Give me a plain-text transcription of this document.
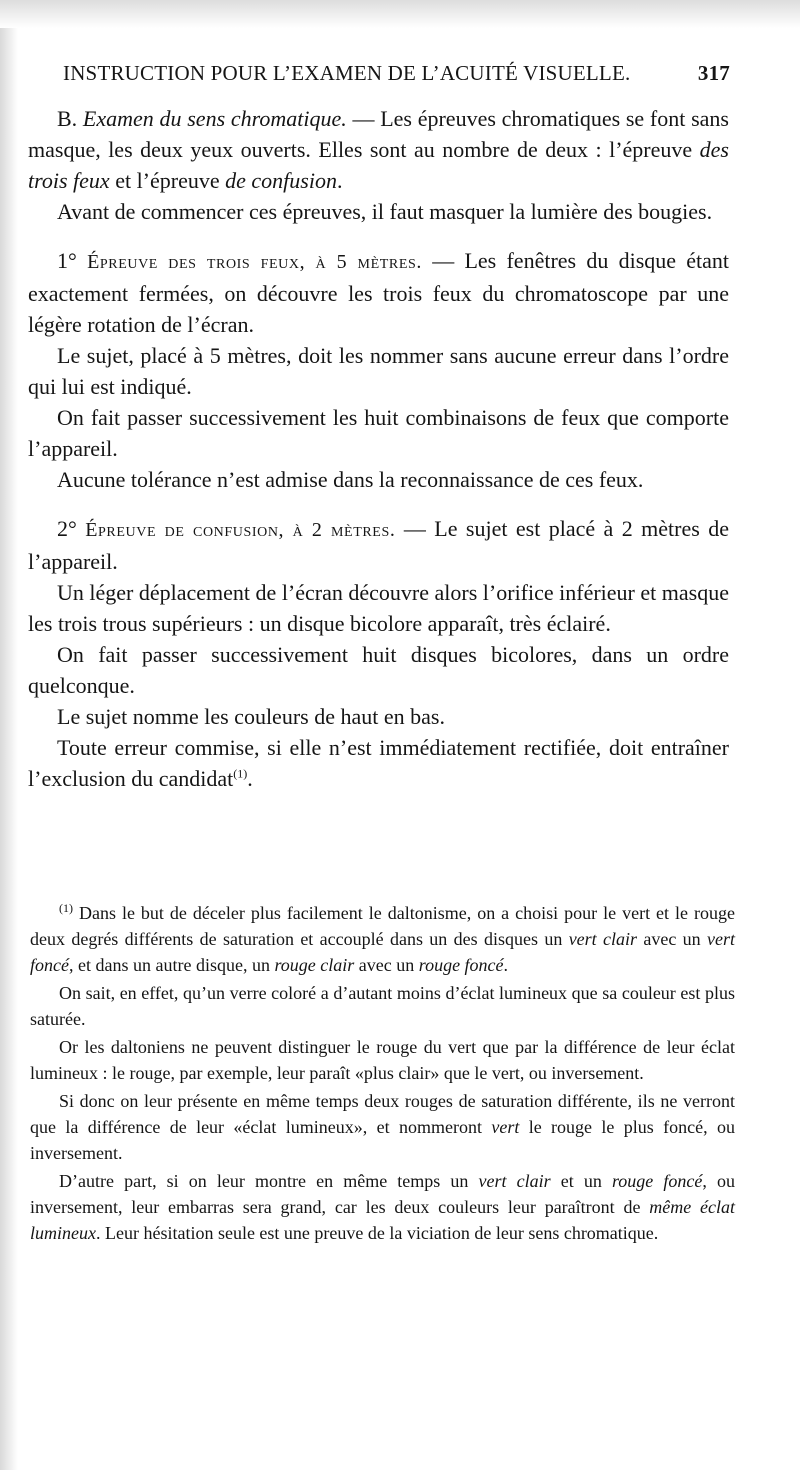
INSTRUCTION POUR L’EXAMEN DE L’ACUITÉ VISUELLE.	317

B. Examen du sens chromatique. — Les épreuves chromatiques se font sans masque, les deux yeux ouverts. Elles sont au nombre de deux : l’épreuve des trois feux et l’épreuve de confusion.

Avant de commencer ces épreuves, il faut masquer la lumière des bougies.

1° Épreuve des trois feux, à 5 mètres. — Les fenêtres du disque étant exactement fermées, on découvre les trois feux du chromatoscope par une légère rotation de l’écran.

Le sujet, placé à 5 mètres, doit les nommer sans aucune erreur dans l’ordre qui lui est indiqué.

On fait passer successivement les huit combinaisons de feux que comporte l’appareil.

Aucune tolérance n’est admise dans la reconnaissance de ces feux.

2° Épreuve de confusion, à 2 mètres. — Le sujet est placé à 2 mètres de l’appareil.

Un léger déplacement de l’écran découvre alors l’orifice inférieur et masque les trois trous supérieurs : un disque bicolore apparaît, très éclairé.

On fait passer successivement huit disques bicolores, dans un ordre quelconque.

Le sujet nomme les couleurs de haut en bas.

Toute erreur commise, si elle n’est immédiatement rectifiée, doit entraîner l’exclusion du candidat$^{(1)}$.

$^{(1)}$ Dans le but de déceler plus facilement le daltonisme, on a choisi pour le vert et le rouge deux degrés différents de saturation et accouplé dans un des disques un vert clair avec un vert foncé, et dans un autre disque, un rouge clair avec un rouge foncé.

On sait, en effet, qu’un verre coloré a d’autant moins d’éclat lumineux que sa couleur est plus saturée.

Or les daltoniens ne peuvent distinguer le rouge du vert que par la différence de leur éclat lumineux : le rouge, par exemple, leur paraît «plus clair» que le vert, ou inversement.

Si donc on leur présente en même temps deux rouges de saturation différente, ils ne verront que la différence de leur «éclat lumineux», et nommeront vert le rouge le plus foncé, ou inversement.

D’autre part, si on leur montre en même temps un vert clair et un rouge foncé, ou inversement, leur embarras sera grand, car les deux couleurs leur paraîtront de même éclat lumineux. Leur hésitation seule est une preuve de la viciation de leur sens chromatique.
